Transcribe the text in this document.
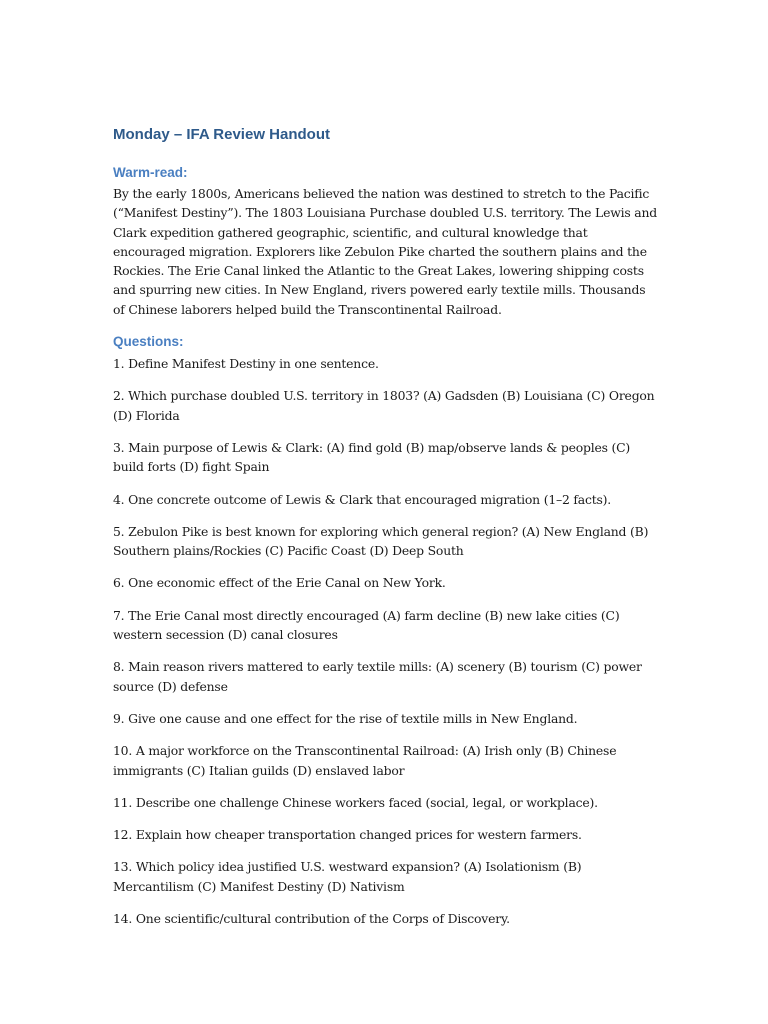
Monday – IFA Review Handout
Warm-read:

By the early 1800s, Americans believed the nation was destined to stretch to the Pacific (“Manifest Destiny”). The 1803 Louisiana Purchase doubled U.S. territory. The Lewis and Clark expedition gathered geographic, scientific, and cultural knowledge that encouraged migration. Explorers like Zebulon Pike charted the southern plains and the Rockies. The Erie Canal linked the Atlantic to the Great Lakes, lowering shipping costs and spurring new cities. In New England, rivers powered early textile mills. Thousands of Chinese laborers helped build the Transcontinental Railroad.

Questions:

1. Define Manifest Destiny in one sentence.

2. Which purchase doubled U.S. territory in 1803? (A) Gadsden (B) Louisiana (C) Oregon (D) Florida

3. Main purpose of Lewis & Clark: (A) find gold (B) map/observe lands & peoples (C) build forts (D) fight Spain

4. One concrete outcome of Lewis & Clark that encouraged migration (1–2 facts).

5. Zebulon Pike is best known for exploring which general region? (A) New England (B) Southern plains/Rockies (C) Pacific Coast (D) Deep South

6. One economic effect of the Erie Canal on New York.

7. The Erie Canal most directly encouraged (A) farm decline (B) new lake cities (C) western secession (D) canal closures

8. Main reason rivers mattered to early textile mills: (A) scenery (B) tourism (C) power source (D) defense

9. Give one cause and one effect for the rise of textile mills in New England.

10. A major workforce on the Transcontinental Railroad: (A) Irish only (B) Chinese immigrants (C) Italian guilds (D) enslaved labor

11. Describe one challenge Chinese workers faced (social, legal, or workplace).

12. Explain how cheaper transportation changed prices for western farmers.

13. Which policy idea justified U.S. westward expansion? (A) Isolationism (B) Mercantilism (C) Manifest Destiny (D) Nativism

14. One scientific/cultural contribution of the Corps of Discovery.
